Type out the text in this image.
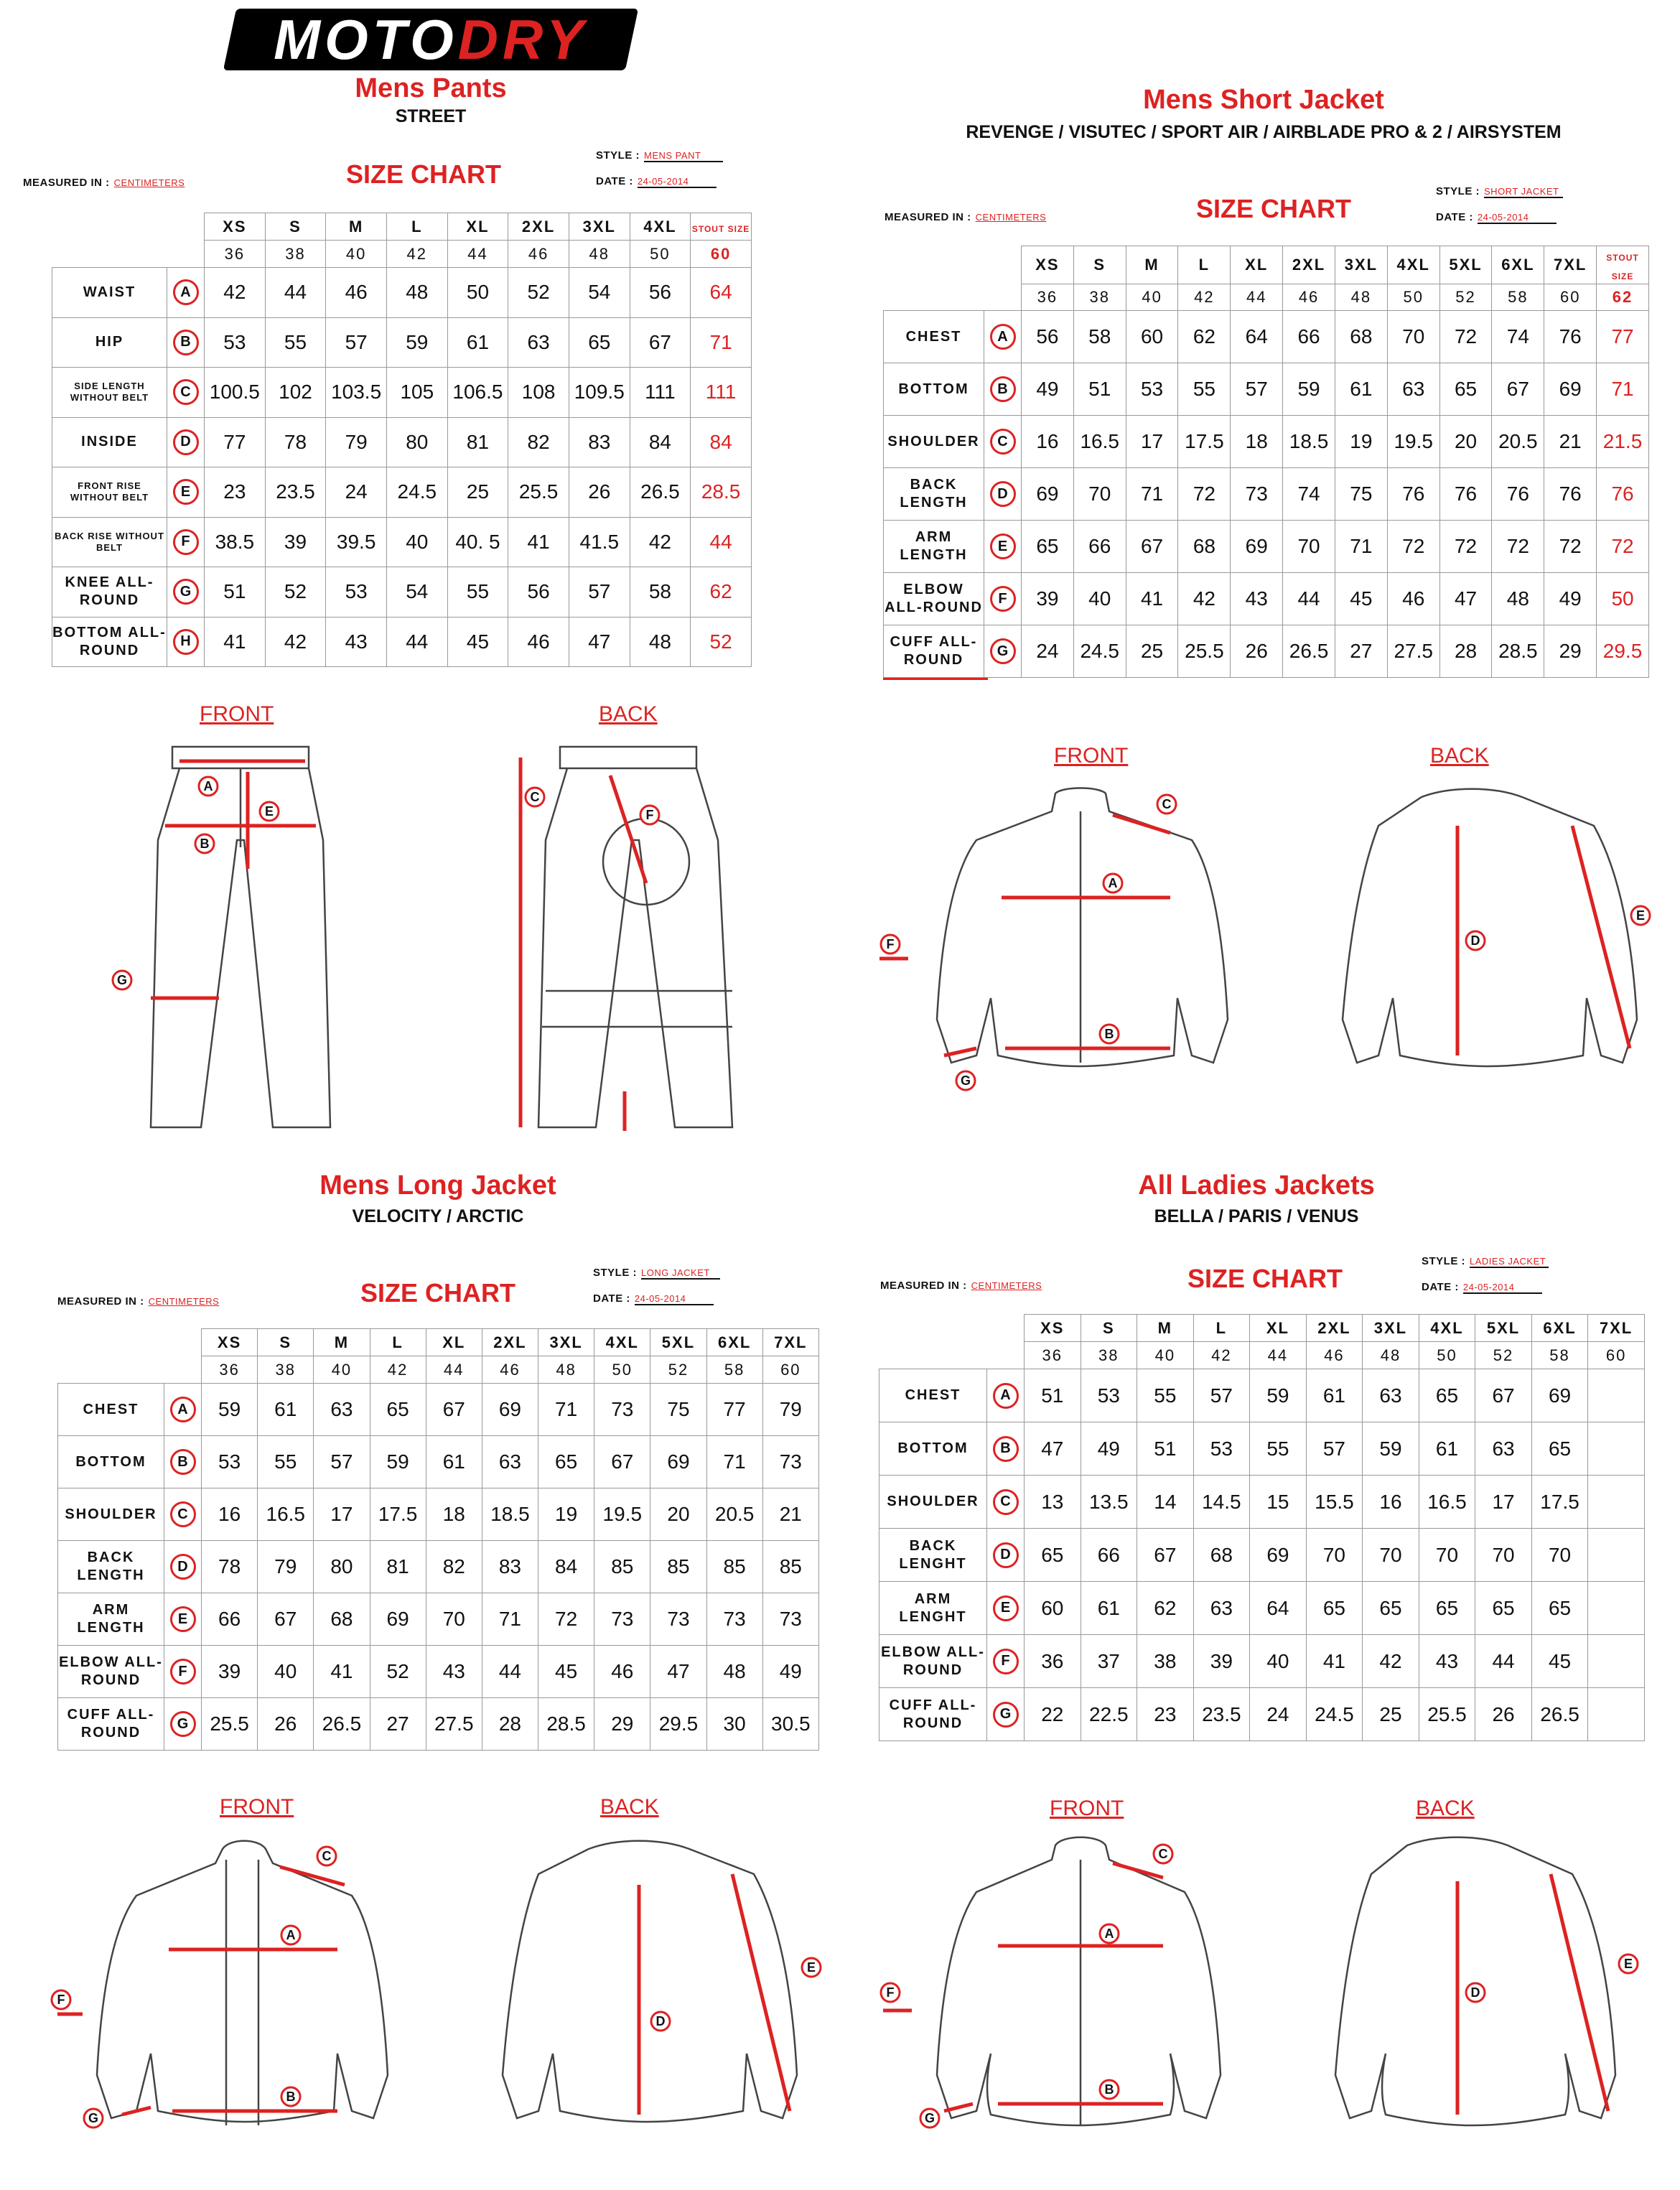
MOTO DRY
Mens Pants
STREET
SIZE CHART
MEASURED IN : CENTIMETERS
STYLE : MENS PANT
DATE : 24-05-2014
		XS	S	M	L	XL	2XL	3XL	4XL	STOUT SIZE
		36	38	40	42	44	46	48	50	60
WAIST	A	42	44	46	48	50	52	54	56	64
HIP	B	53	55	57	59	61	63	65	67	71
SIDE LENGTH WITHOUT BELT	C	100.5	102	103.5	105	106.5	108	109.5	111	111
INSIDE	D	77	78	79	80	81	82	83	84	84
FRONT RISE WITHOUT BELT	E	23	23.5	24	24.5	25	25.5	26	26.5	28.5
BACK RISE WITHOUT BELT	F	38.5	39	39.5	40	40. 5	41	41.5	42	44
KNEE ALL-ROUND	G	51	52	53	54	55	56	57	58	62
BOTTOM ALL-ROUND	H	41	42	43	44	45	46	47	48	52
FRONT	BACK
A
B
E
G
C
F
Mens Short Jacket
REVENGE / VISUTEC / SPORT AIR / AIRBLADE PRO & 2 / AIRSYSTEM
SIZE CHART
MEASURED IN : CENTIMETERS
STYLE : SHORT JACKET
DATE : 24-05-2014
		XS	S	M	L	XL	2XL	3XL	4XL	5XL	6XL	7XL	STOUT SIZE
		36	38	40	42	44	46	48	50	52	58	60	62
CHEST	A	56	58	60	62	64	66	68	70	72	74	76	77
BOTTOM	B	49	51	53	55	57	59	61	63	65	67	69	71
SHOULDER	C	16	16.5	17	17.5	18	18.5	19	19.5	20	20.5	21	21.5
BACK LENGTH	D	69	70	71	72	73	74	75	76	76	76	76	76
ARM LENGTH	E	65	66	67	68	69	70	71	72	72	72	72	72
ELBOW ALL-ROUND	F	39	40	41	42	43	44	45	46	47	48	49	50
CUFF ALL-ROUND	G	24	24.5	25	25.5	26	26.5	27	27.5	28	28.5	29	29.5
FRONT	BACK
A
B
C
F
G
D
E
Mens Long Jacket
VELOCITY / ARCTIC
SIZE CHART
MEASURED IN : CENTIMETERS
STYLE : LONG JACKET
DATE : 24-05-2014
		XS	S	M	L	XL	2XL	3XL	4XL	5XL	6XL	7XL
		36	38	40	42	44	46	48	50	52	58	60
CHEST	A	59	61	63	65	67	69	71	73	75	77	79
BOTTOM	B	53	55	57	59	61	63	65	67	69	71	73
SHOULDER	C	16	16.5	17	17.5	18	18.5	19	19.5	20	20.5	21
BACK LENGTH	D	78	79	80	81	82	83	84	85	85	85	85
ARM LENGTH	E	66	67	68	69	70	71	72	73	73	73	73
ELBOW ALL-ROUND	F	39	40	41	52	43	44	45	46	47	48	49
CUFF ALL-ROUND	G	25.5	26	26.5	27	27.5	28	28.5	29	29.5	30	30.5
FRONT	BACK
A
B
C
F
G
D
E
All Ladies Jackets
BELLA / PARIS / VENUS
SIZE CHART
MEASURED IN : CENTIMETERS
STYLE : LADIES JACKET
DATE : 24-05-2014
		XS	S	M	L	XL	2XL	3XL	4XL	5XL	6XL	7XL
		36	38	40	42	44	46	48	50	52	58	60
CHEST	A	51	53	55	57	59	61	63	65	67	69	
BOTTOM	B	47	49	51	53	55	57	59	61	63	65	
SHOULDER	C	13	13.5	14	14.5	15	15.5	16	16.5	17	17.5	
BACK LENGHT	D	65	66	67	68	69	70	70	70	70	70	
ARM LENGHT	E	60	61	62	63	64	65	65	65	65	65	
ELBOW ALL-ROUND	F	36	37	38	39	40	41	42	43	44	45	
CUFF ALL-ROUND	G	22	22.5	23	23.5	24	24.5	25	25.5	26	26.5	
FRONT	BACK
A
B
C
F
G
D
E
